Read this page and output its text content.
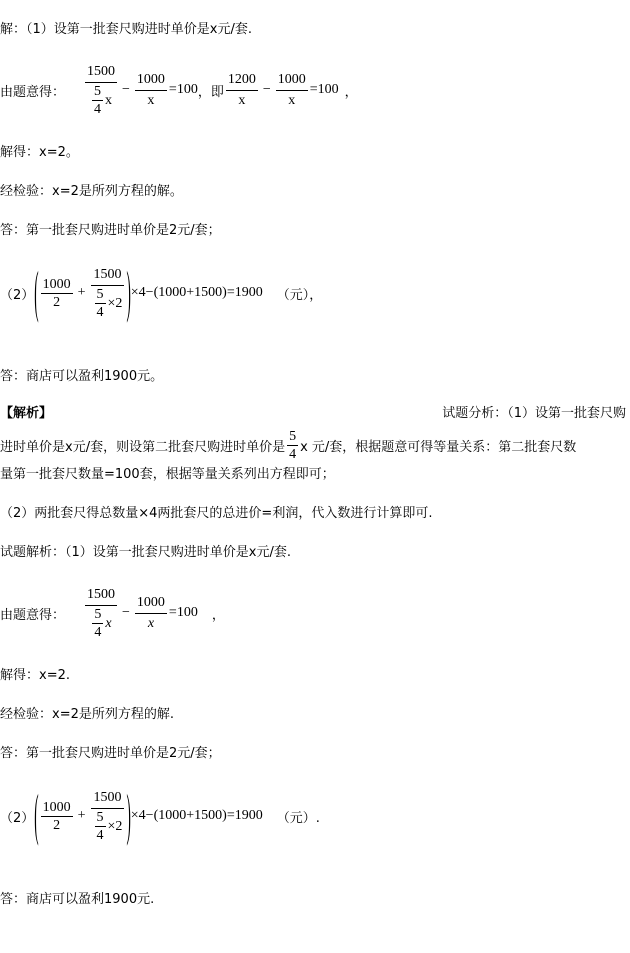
解：（1）设第一批套尺购进时单价是x元/套.
由题意得： $\frac{1500}{\frac{5}{4} x} - \frac{1000}{x} =100$ ，即 $\frac{1200}{x} - \frac{1000}{x} =100$ ，
解得：x=2。
经检验：x=2是所列方程的解。
答：第一批套尺购进时单价是2元/套；
（2） ( $\frac{1000}{2} + \frac{1500}{\frac{5}{4} \times 2}$ ) ×4− (1000+1500) =1900 （元），
答：商店可以盈利1900元。
【解析】	试题分析：（1）设第一批套尺购
进时单价是x元/套，则设第二批套尺购进时单价是 $\frac{5}{4}$ x 元/套，根据题意可得等量关系：第二批套尺数
量第一批套尺数量=100套，根据等量关系列出方程即可；
（2）两批套尺得总数量×4两批套尺的总进价=利润，代入数进行计算即可.
试题解析：（1）设第一批套尺购进时单价是x元/套.
由题意得： $\frac{1500}{\frac{5}{4} x} - \frac{1000}{x} =100$ ，
解得：x=2.
经检验：x=2是所列方程的解.
答：第一批套尺购进时单价是2元/套；
（2） ( $\frac{1000}{2} + \frac{1500}{\frac{5}{4} \times 2}$ ) ×4− (1000+1500) =1900 （元）.
答：商店可以盈利1900元.
